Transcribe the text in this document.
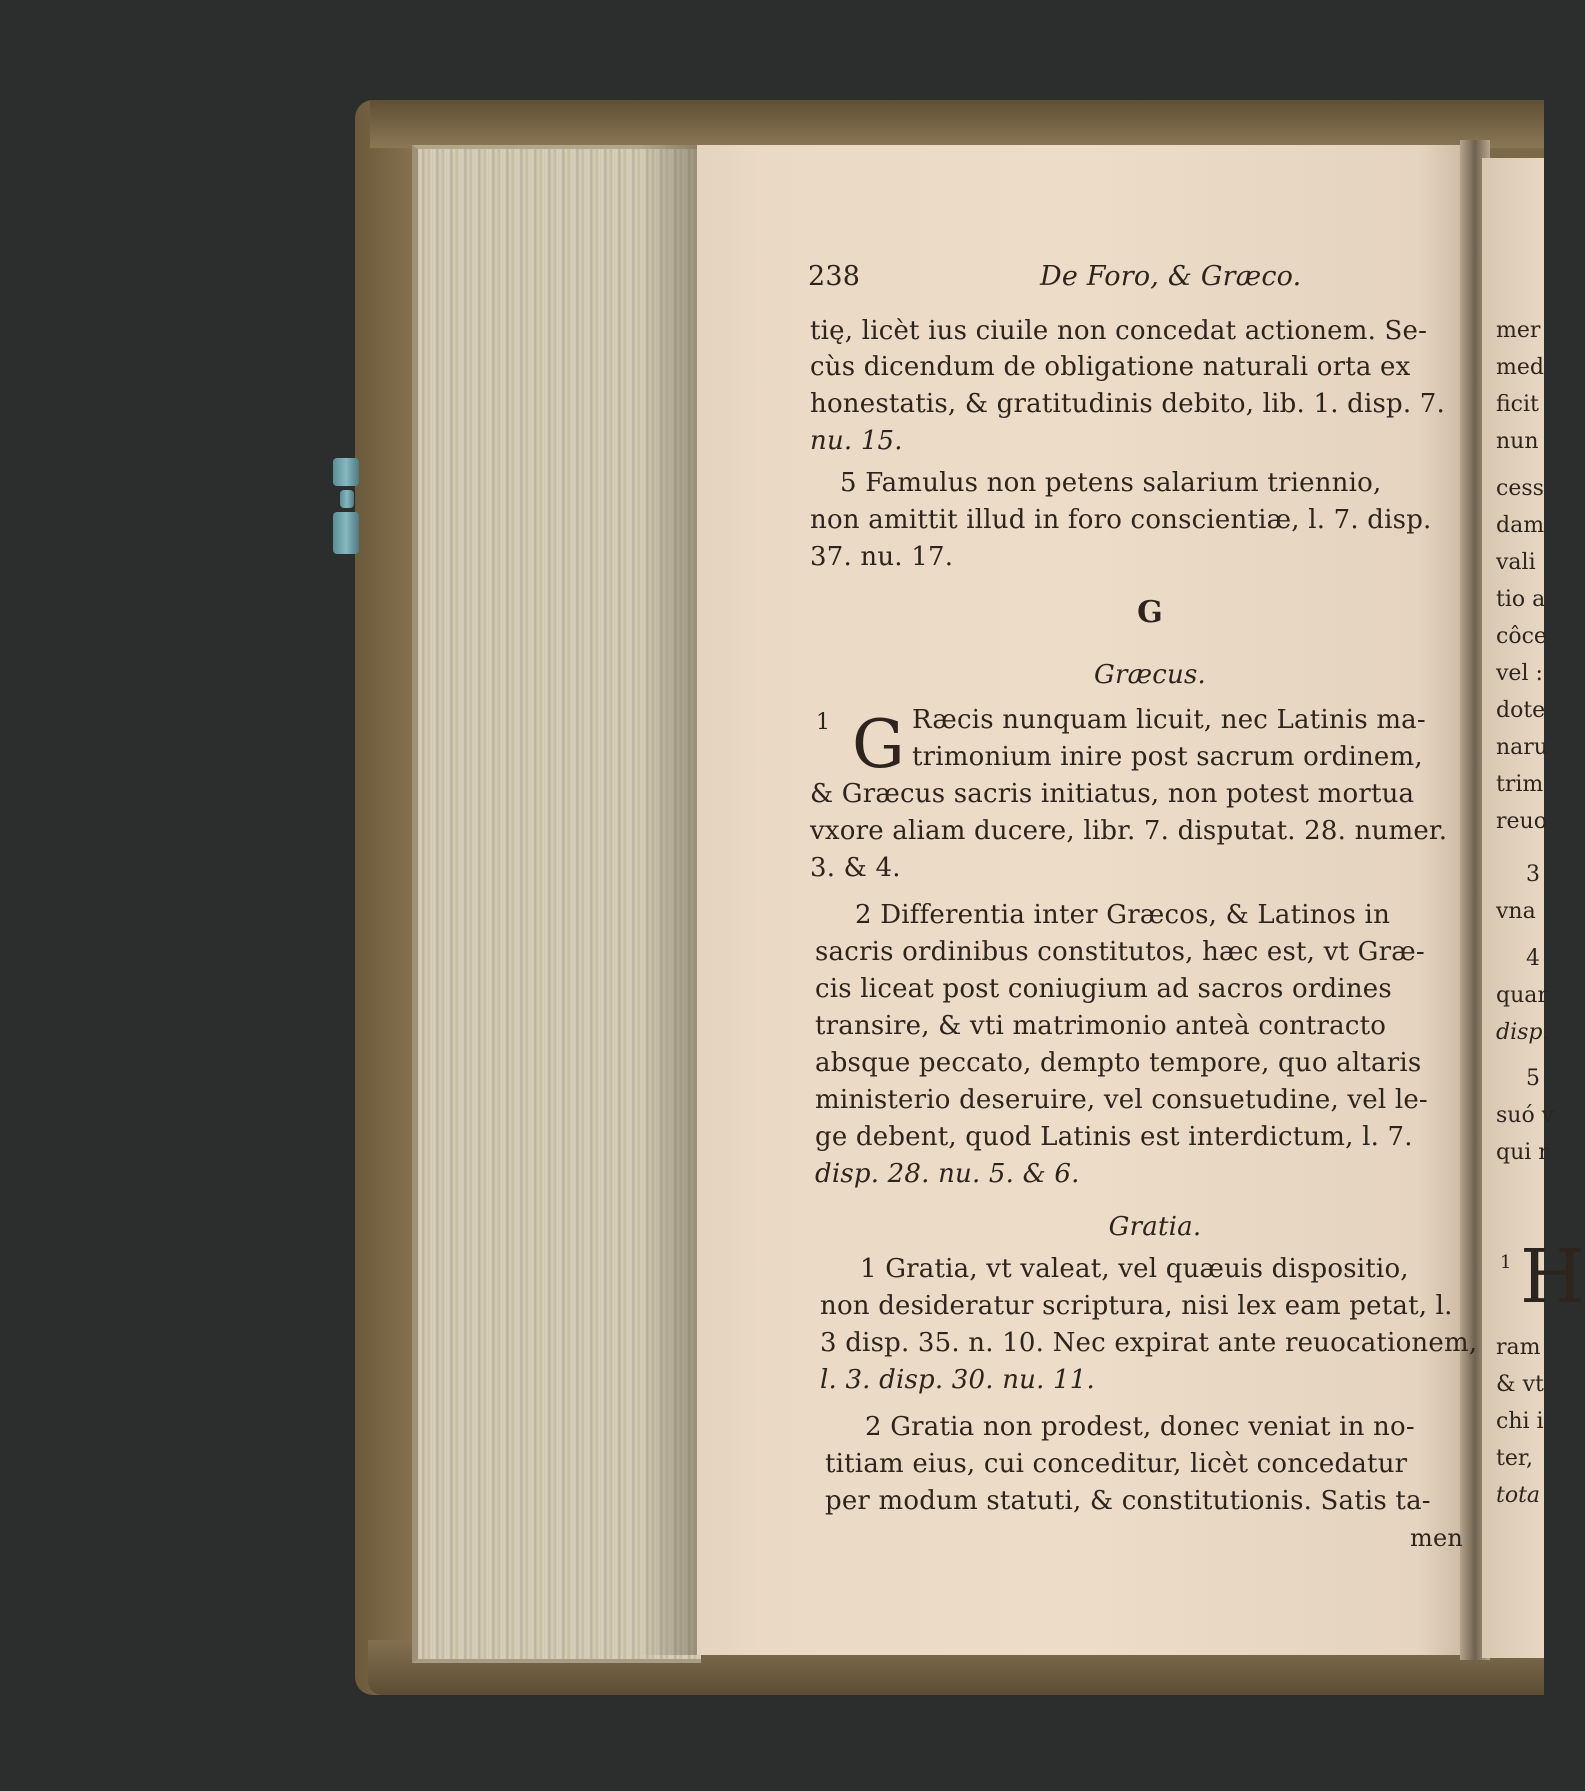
238	De Foro, & Græco.
tię, licèt ius ciuile non concedat actionem. Se-
cùs dicendum de obligatione naturali orta ex
honestatis, & gratitudinis debito, lib. 1. disp. 7.
nu. 15.
5 Famulus non petens salarium triennio,
non amittit illud in foro conscientiæ, l. 7. disp.
37. nu. 17.
G
Græcus.
1 G Ræcis nunquam licuit, nec Latinis ma-
trimonium inire post sacrum ordinem,
& Græcus sacris initiatus, non potest mortua
vxore aliam ducere, libr. 7. disputat. 28. numer.
3. & 4.
2 Differentia inter Græcos, & Latinos in
sacris ordinibus constitutos, hæc est, vt Græ-
cis liceat post coniugium ad sacros ordines
transire, & vti matrimonio anteà contracto
absque peccato, dempto tempore, quo altaris
ministerio deseruire, vel consuetudine, vel le-
ge debent, quod Latinis est interdictum, l. 7.
disp. 28. nu. 5. & 6.
Gratia.
1 Gratia, vt valeat, vel quæuis dispositio,
non desideratur scriptura, nisi lex eam petat, l.
3 disp. 35. n. 10. Nec expirat ante reuocationem,
l. 3. disp. 30. nu. 11.
2 Gratia non prodest, donec veniat in no-
titiam eius, cui conceditur, licèt concedatur
per modum statuti, & constitutionis. Satis ta-
men
mer
med
ficit
nun
cess
dam
vali
tio a
côce
vel :
dote
naru
trim
reuo
3
vna
4
quar
disp.
5
suó v
qui r
1 H
ram
& vt
chi i
ter,
tota
